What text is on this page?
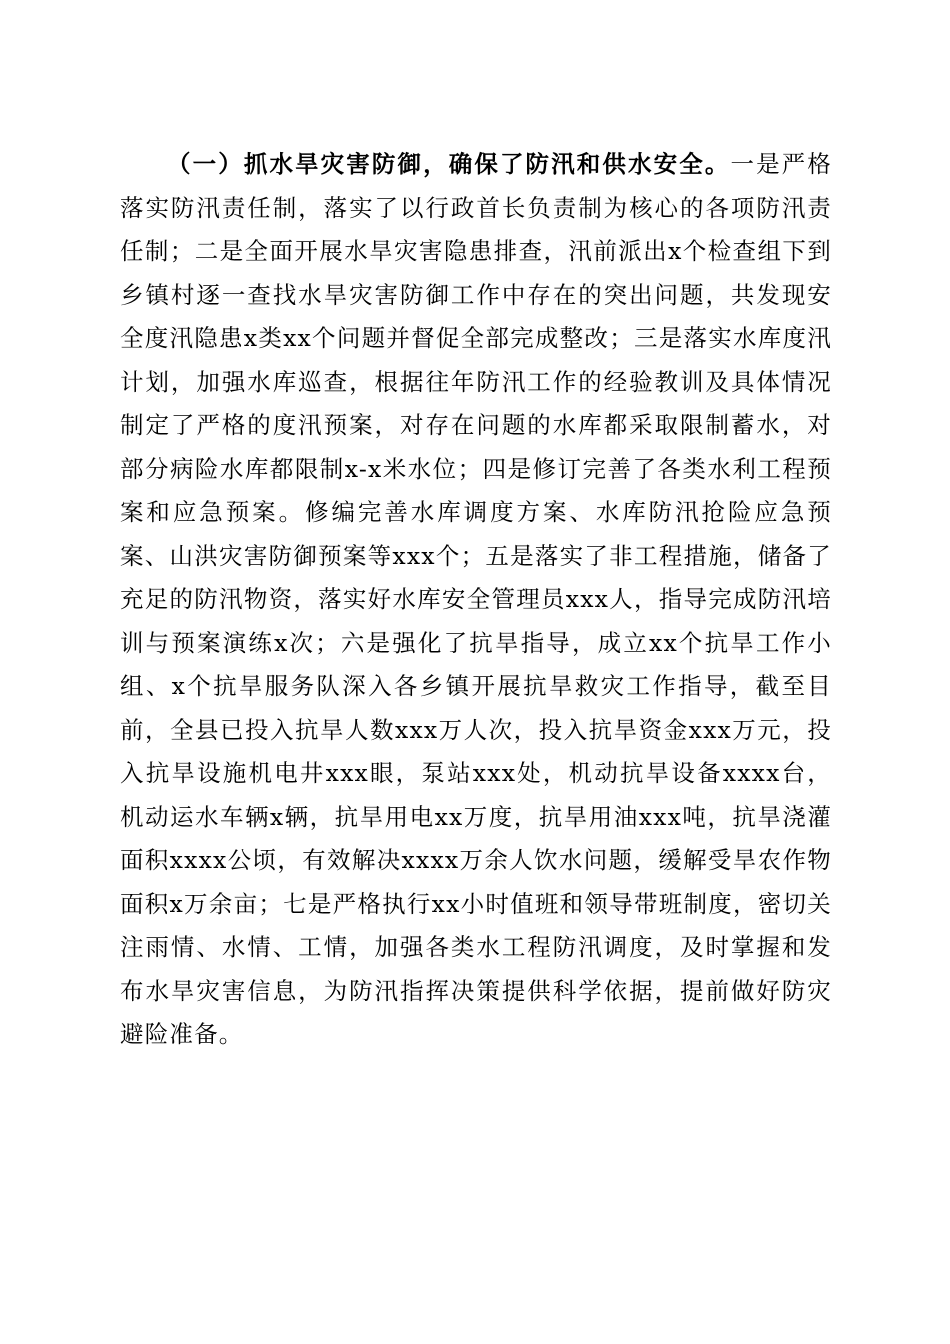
（一）抓水旱灾害防御，确保了防汛和供水安全。一是严格落实防汛责任制，落实了以行政首长负责制为核心的各项防汛责任制；二是全面开展水旱灾害隐患排查，汛前派出x个检查组下到乡镇村逐一查找水旱灾害防御工作中存在的突出问题，共发现安全度汛隐患x类xx个问题并督促全部完成整改；三是落实水库度汛计划，加强水库巡查，根据往年防汛工作的经验教训及具体情况制定了严格的度汛预案，对存在问题的水库都采取限制蓄水，对部分病险水库都限制x-x米水位；四是修订完善了各类水利工程预案和应急预案。修编完善水库调度方案、水库防汛抢险应急预案、山洪灾害防御预案等xxx个；五是落实了非工程措施，储备了充足的防汛物资，落实好水库安全管理员xxx人，指导完成防汛培训与预案演练x次；六是强化了抗旱指导，成立xx个抗旱工作小组、x个抗旱服务队深入各乡镇开展抗旱救灾工作指导，截至目前，全县已投入抗旱人数xxx万人次，投入抗旱资金xxx万元，投入抗旱设施机电井xxx眼，泵站xxx处，机动抗旱设备xxxx台，机动运水车辆x辆，抗旱用电xx万度，抗旱用油xxx吨，抗旱浇灌面积xxxx公顷，有效解决xxxx万余人饮水问题，缓解受旱农作物面积x万余亩；七是严格执行xx小时值班和领导带班制度，密切关注雨情、水情、工情，加强各类水工程防汛调度，及时掌握和发布水旱灾害信息，为防汛指挥决策提供科学依据，提前做好防灾避险准备。
